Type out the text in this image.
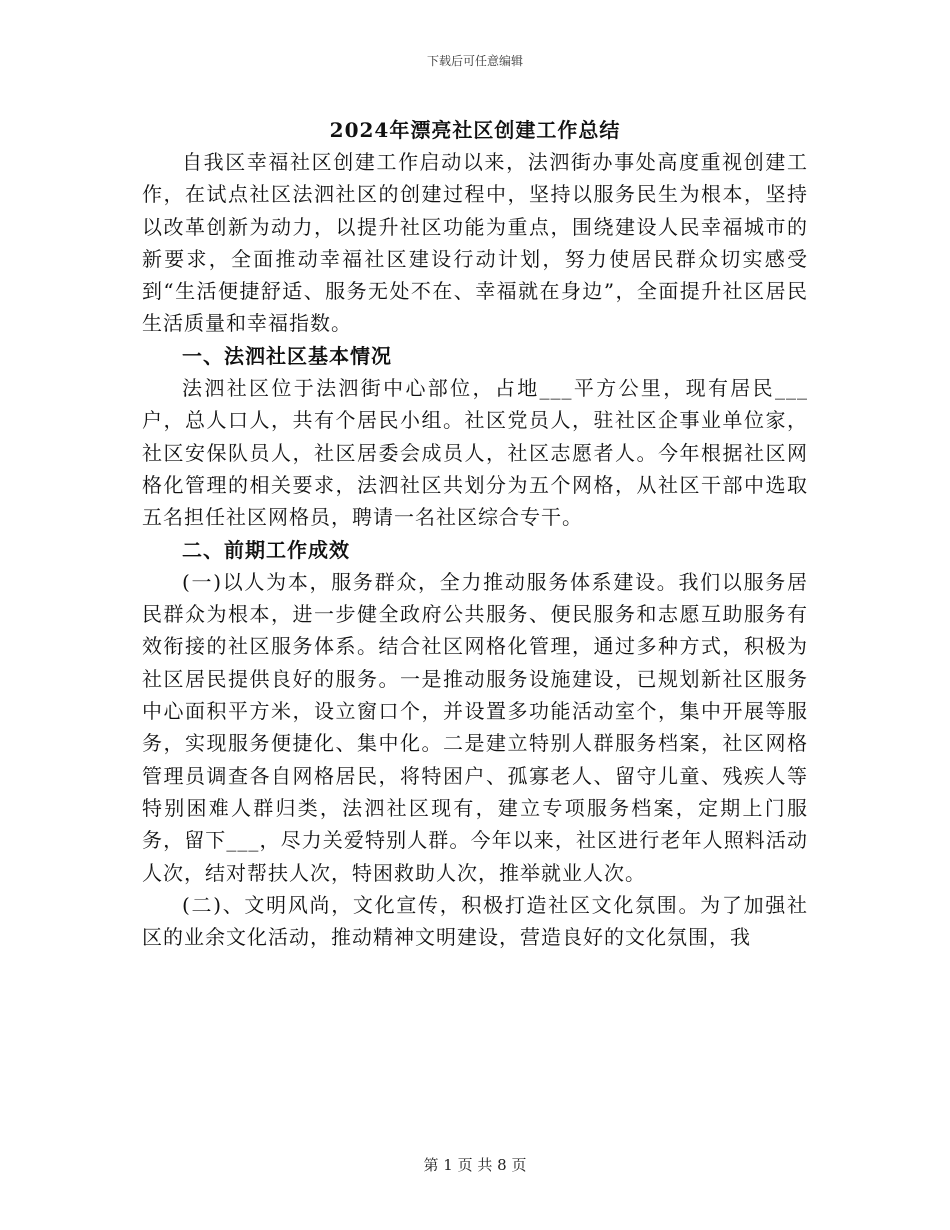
下载后可任意编辑
2024年漂亮社区创建工作总结

自我区幸福社区创建工作启动以来，法泗街办事处高度重视创建工作，在试点社区法泗社区的创建过程中，坚持以服务民生为根本，坚持以改革创新为动力，以提升社区功能为重点，围绕建设人民幸福城市的新要求，全面推动幸福社区建设行动计划，努力使居民群众切实感受到“生活便捷舒适、服务无处不在、幸福就在身边”，全面提升社区居民生活质量和幸福指数。

一、法泗社区基本情况

法泗社区位于法泗街中心部位，占地___平方公里，现有居民___户，总人口人，共有个居民小组。社区党员人，驻社区企事业单位家，社区安保队员人，社区居委会成员人，社区志愿者人。今年根据社区网格化管理的相关要求，法泗社区共划分为五个网格，从社区干部中选取五名担任社区网格员，聘请一名社区综合专干。

二、前期工作成效

(一)以人为本，服务群众，全力推动服务体系建设。我们以服务居民群众为根本，进一步健全政府公共服务、便民服务和志愿互助服务有效衔接的社区服务体系。结合社区网格化管理，通过多种方式，积极为社区居民提供良好的服务。一是推动服务设施建设，已规划新社区服务中心面积平方米，设立窗口个，并设置多功能活动室个，集中开展等服务，实现服务便捷化、集中化。二是建立特别人群服务档案，社区网格管理员调查各自网格居民，将特困户、孤寡老人、留守儿童、残疾人等特别困难人群归类，法泗社区现有，建立专项服务档案，定期上门服务，留下___，尽力关爱特别人群。今年以来，社区进行老年人照料活动人次，结对帮扶人次，特困救助人次，推举就业人次。

(二)、文明风尚，文化宣传，积极打造社区文化氛围。为了加强社区的业余文化活动，推动精神文明建设，营造良好的文化氛围，我

第 1 页 共 8 页
